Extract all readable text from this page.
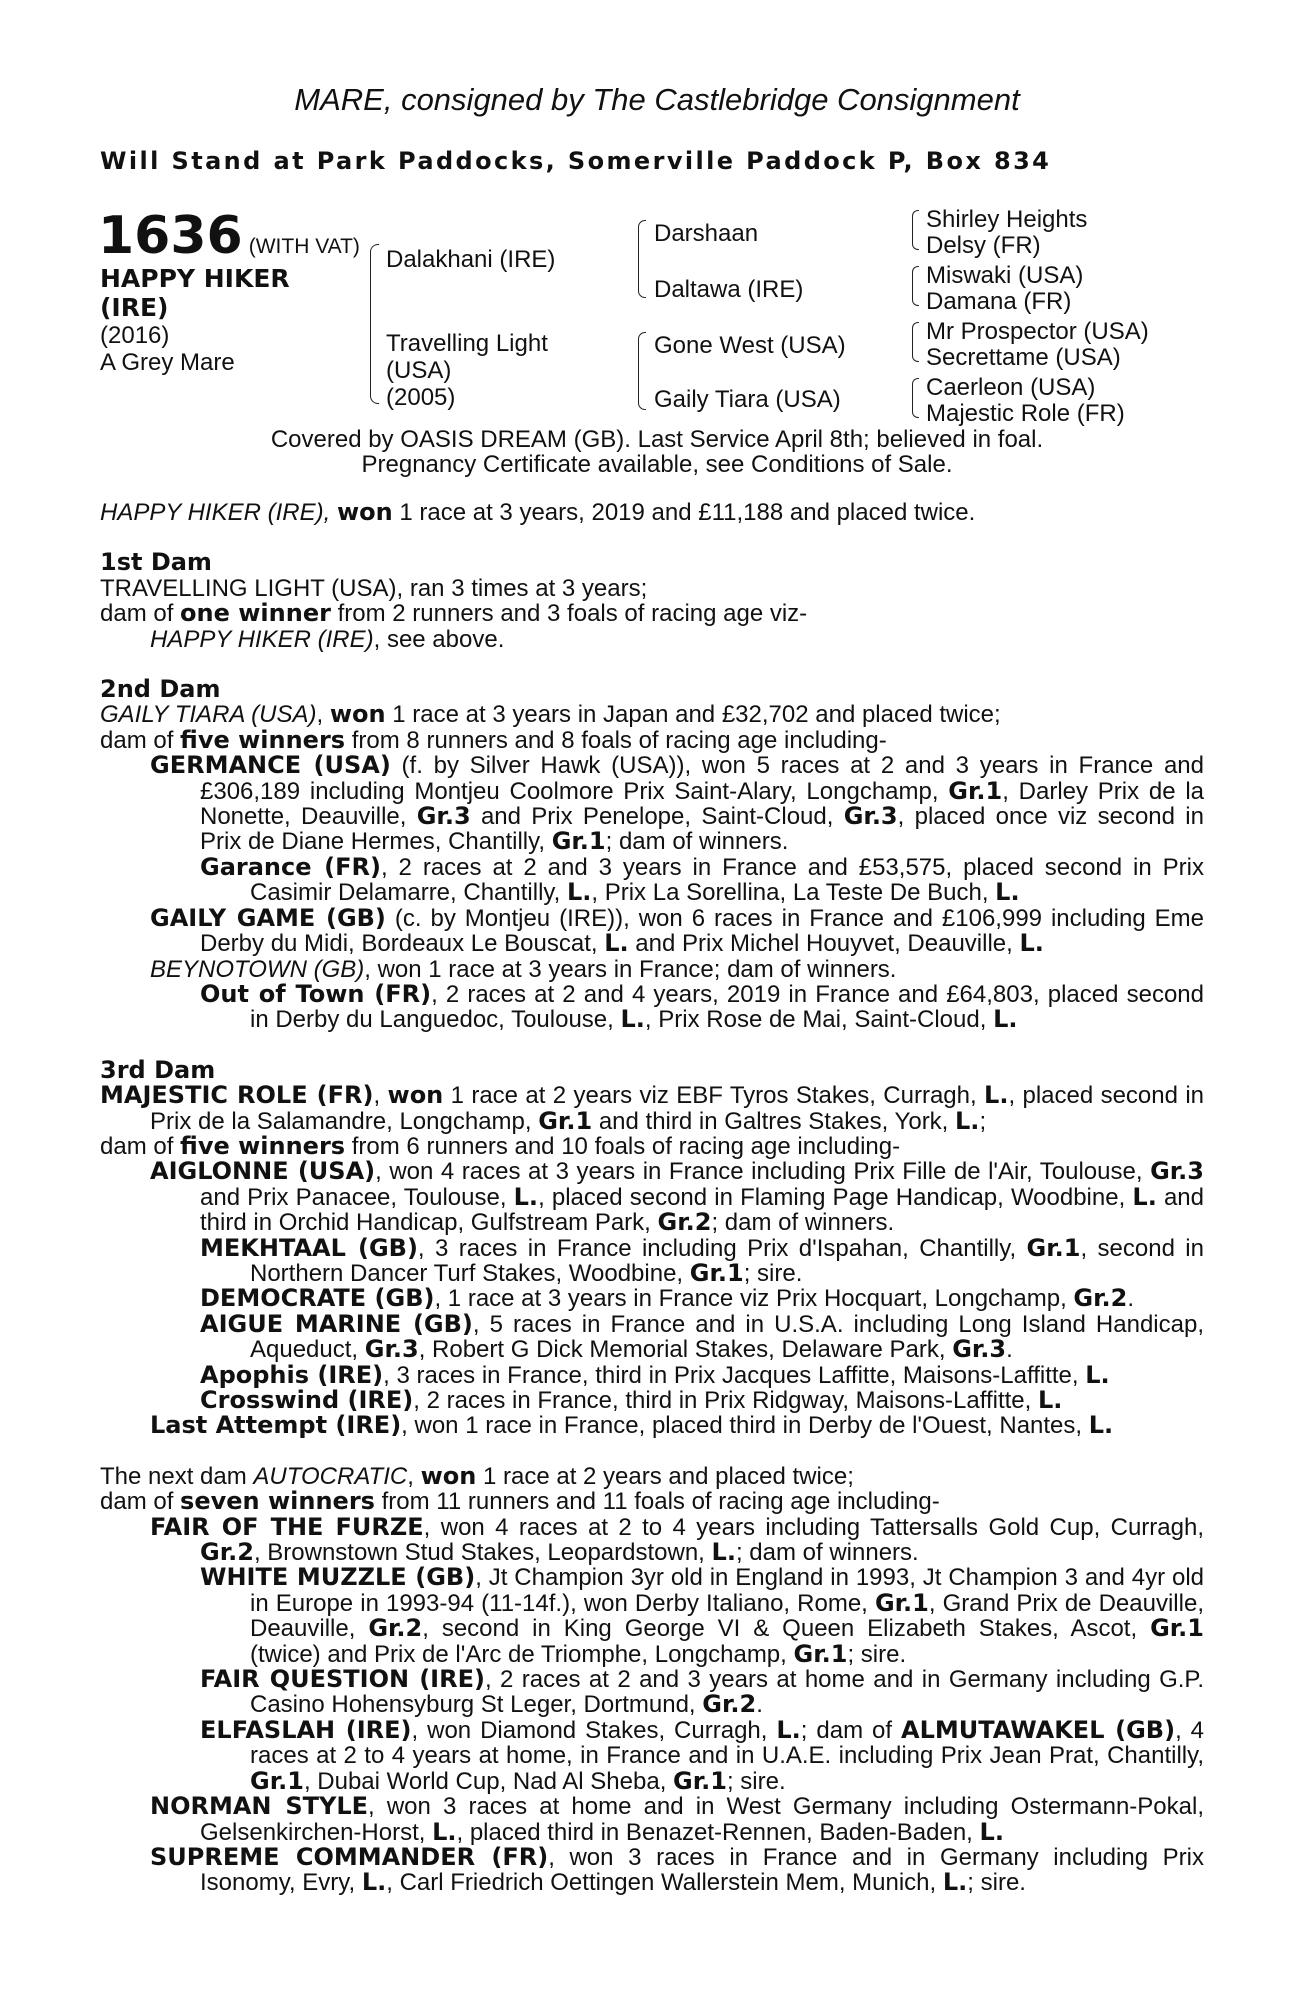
MARE, consigned by The Castlebridge Consignment
Will Stand at Park Paddocks, Somerville Paddock P, Box 834
1636 (WITH VAT)
HAPPY HIKER
(IRE)
(2016)
A Grey Mare
Dalakhani (IRE)
Travelling Light
(USA)
(2005)
Darshaan
Daltawa (IRE)
Gone West (USA)
Gaily Tiara (USA)
Shirley Heights
Delsy (FR)
Miswaki (USA)
Damana (FR)
Mr Prospector (USA)
Secrettame (USA)
Caerleon (USA)
Majestic Role (FR)
Covered by OASIS DREAM (GB). Last Service April 8th; believed in foal.
Pregnancy Certificate available, see Conditions of Sale.

HAPPY HIKER (IRE), won 1 race at 3 years, 2019 and £11,188 and placed twice.

1st Dam

TRAVELLING LIGHT (USA), ran 3 times at 3 years;

dam of one winner from 2 runners and 3 foals of racing age viz-

HAPPY HIKER (IRE), see above.

2nd Dam

GAILY TIARA (USA), won 1 race at 3 years in Japan and £32,702 and placed twice;

dam of five winners from 8 runners and 8 foals of racing age including-

GERMANCE (USA) (f. by Silver Hawk (USA)), won 5 races at 2 and 3 years in France and £306,189 including Montjeu Coolmore Prix Saint-Alary, Longchamp, Gr.1, Darley Prix de la Nonette, Deauville, Gr.3 and Prix Penelope, Saint-Cloud, Gr.3, placed once viz second in Prix de Diane Hermes, Chantilly, Gr.1; dam of winners.

Garance (FR), 2 races at 2 and 3 years in France and £53,575, placed second in Prix Casimir Delamarre, Chantilly, L., Prix La Sorellina, La Teste De Buch, L.

GAILY GAME (GB) (c. by Montjeu (IRE)), won 6 races in France and £106,999 including Eme Derby du Midi, Bordeaux Le Bouscat, L. and Prix Michel Houyvet, Deauville, L.

BEYNOTOWN (GB), won 1 race at 3 years in France; dam of winners.

Out of Town (FR), 2 races at 2 and 4 years, 2019 in France and £64,803, placed second in Derby du Languedoc, Toulouse, L., Prix Rose de Mai, Saint-Cloud, L.

3rd Dam

MAJESTIC ROLE (FR), won 1 race at 2 years viz EBF Tyros Stakes, Curragh, L., placed second in Prix de la Salamandre, Longchamp, Gr.1 and third in Galtres Stakes, York, L.;

dam of five winners from 6 runners and 10 foals of racing age including-

AIGLONNE (USA), won 4 races at 3 years in France including Prix Fille de l'Air, Toulouse, Gr.3 and Prix Panacee, Toulouse, L., placed second in Flaming Page Handicap, Woodbine, L. and third in Orchid Handicap, Gulfstream Park, Gr.2; dam of winners.

MEKHTAAL (GB), 3 races in France including Prix d'Ispahan, Chantilly, Gr.1, second in Northern Dancer Turf Stakes, Woodbine, Gr.1; sire.

DEMOCRATE (GB), 1 race at 3 years in France viz Prix Hocquart, Longchamp, Gr.2.

AIGUE MARINE (GB), 5 races in France and in U.S.A. including Long Island Handicap, Aqueduct, Gr.3, Robert G Dick Memorial Stakes, Delaware Park, Gr.3.

Apophis (IRE), 3 races in France, third in Prix Jacques Laffitte, Maisons-Laffitte, L.

Crosswind (IRE), 2 races in France, third in Prix Ridgway, Maisons-Laffitte, L.

Last Attempt (IRE), won 1 race in France, placed third in Derby de l'Ouest, Nantes, L.

The next dam AUTOCRATIC, won 1 race at 2 years and placed twice;

dam of seven winners from 11 runners and 11 foals of racing age including-

FAIR OF THE FURZE, won 4 races at 2 to 4 years including Tattersalls Gold Cup, Curragh, Gr.2, Brownstown Stud Stakes, Leopardstown, L.; dam of winners.

WHITE MUZZLE (GB), Jt Champion 3yr old in England in 1993, Jt Champion 3 and 4yr old in Europe in 1993-94 (11-14f.), won Derby Italiano, Rome, Gr.1, Grand Prix de Deauville, Deauville, Gr.2, second in King George VI & Queen Elizabeth Stakes, Ascot, Gr.1 (twice) and Prix de l'Arc de Triomphe, Longchamp, Gr.1; sire.

FAIR QUESTION (IRE), 2 races at 2 and 3 years at home and in Germany including G.P. Casino Hohensyburg St Leger, Dortmund, Gr.2.

ELFASLAH (IRE), won Diamond Stakes, Curragh, L.; dam of ALMUTAWAKEL (GB), 4 races at 2 to 4 years at home, in France and in U.A.E. including Prix Jean Prat, Chantilly, Gr.1, Dubai World Cup, Nad Al Sheba, Gr.1; sire.

NORMAN STYLE, won 3 races at home and in West Germany including Ostermann-Pokal, Gelsenkirchen-Horst, L., placed third in Benazet-Rennen, Baden-Baden, L.

SUPREME COMMANDER (FR), won 3 races in France and in Germany including Prix Isonomy, Evry, L., Carl Friedrich Oettingen Wallerstein Mem, Munich, L.; sire.
